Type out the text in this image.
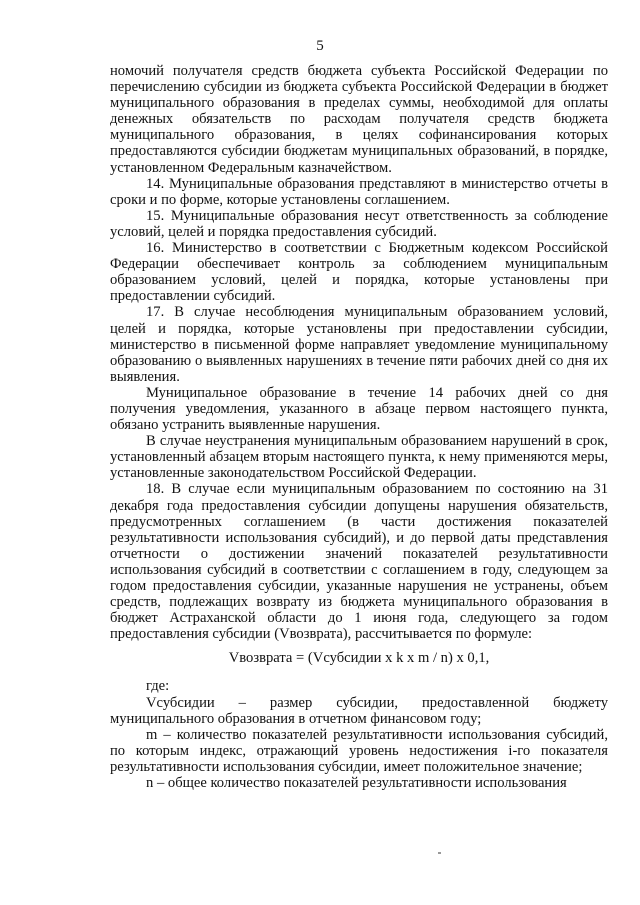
5

номочий получателя средств бюджета субъекта Российской Федерации по перечислению субсидии из бюджета субъекта Российской Федерации в бюджет муниципального образования в пределах суммы, необходимой для оплаты денежных обязательств по расходам получателя средств бюджета муниципального образования, в целях софинансирования которых предоставляются субсидии бюджетам муниципальных образований, в порядке, установленном Федеральным казначейством.

14. Муниципальные образования представляют в министерство отчеты в сроки и по форме, которые установлены соглашением.

15. Муниципальные образования несут ответственность за соблюдение условий, целей и порядка предоставления субсидий.

16. Министерство в соответствии с Бюджетным кодексом Российской Федерации обеспечивает контроль за соблюдением муниципальным образованием условий, целей и порядка, которые установлены при предоставлении субсидий.

17. В случае несоблюдения муниципальным образованием условий, целей и порядка, которые установлены при предоставлении субсидии, министерство в письменной форме направляет уведомление муниципальному образованию о выявленных нарушениях в течение пяти рабочих дней со дня их выявления.

Муниципальное образование в течение 14 рабочих дней со дня получения уведомления, указанного в абзаце первом настоящего пункта, обязано устранить выявленные нарушения.

В случае неустранения муниципальным образованием нарушений в срок, установленный абзацем вторым настоящего пункта, к нему применяются меры, установленные законодательством Российской Федерации.

18. В случае если муниципальным образованием по состоянию на 31 декабря года предоставления субсидии допущены нарушения обязательств, предусмотренных соглашением (в части достижения показателей результативности использования субсидий), и до первой даты представления отчетности о достижении значений показателей результативности использования субсидий в соответствии с соглашением в году, следующем за годом предоставления субсидии, указанные нарушения не устранены, объем средств, подлежащих возврату из бюджета муниципального образования в бюджет Астраханской области до 1 июня года, следующего за годом предоставления субсидии (Vвозврата), рассчитывается по формуле:

Vвозврата = (Vсубсидии x k x m / n) x 0,1,

где:

Vсубсидии – размер субсидии, предоставленной бюджету муниципального образования в отчетном финансовом году;

m – количество показателей результативности использования субсидий, по которым индекс, отражающий уровень недостижения i-го показателя результативности использования субсидии, имеет положительное значение;

n – общее количество показателей результативности использования
